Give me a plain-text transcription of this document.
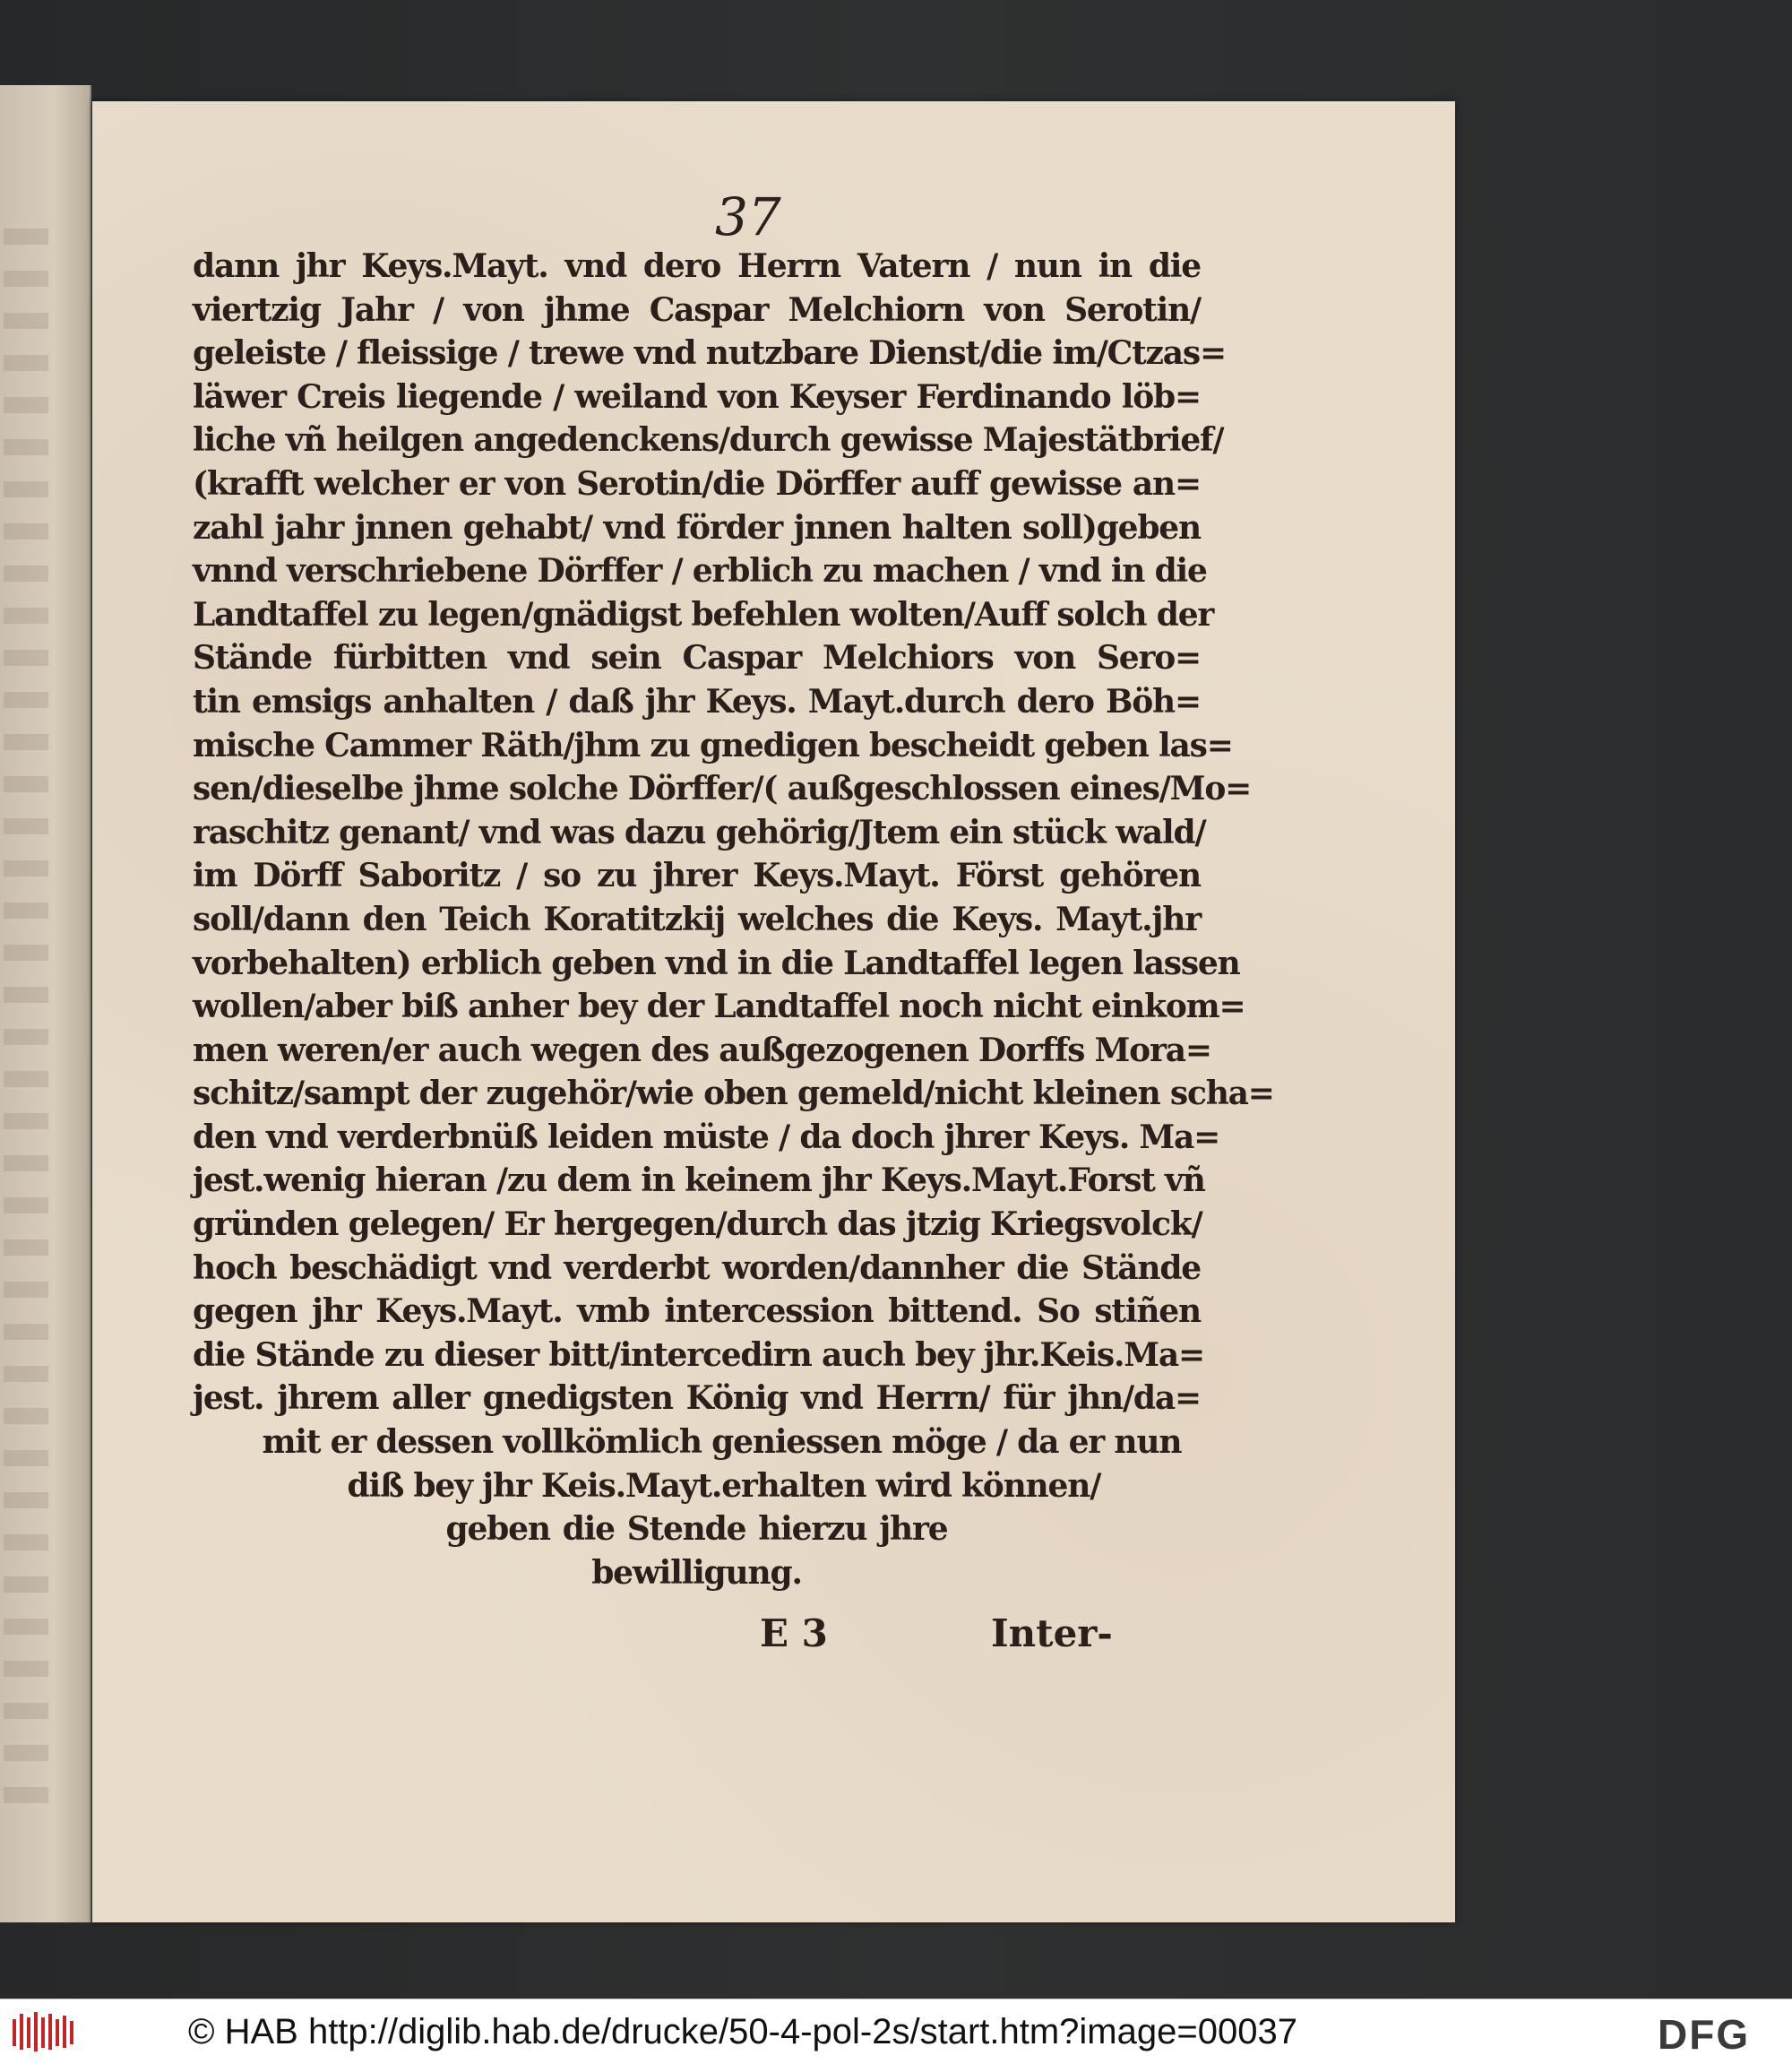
37
dann jhr Keys.Mayt. vnd dero Herrn Vatern / nun in die
viertzig Jahr / von jhme Caspar Melchiorn von Serotin/
geleiste / fleissige / trewe vnd nutzbare Dienst/die im/Ctzas=
läwer Creis liegende / weiland von Keyser Ferdinando löb=
liche vñ heilgen angedenckens/durch gewisse Majestätbrief/
(krafft welcher er von Serotin/die Dörffer auff gewisse an=
zahl jahr jnnen gehabt/ vnd förder jnnen halten soll)geben
vnnd verschriebene Dörffer / erblich zu machen / vnd in die
Landtaffel zu legen/gnädigst befehlen wolten/Auff solch der
Stände fürbitten vnd sein Caspar Melchiors von Sero=
tin emsigs anhalten / daß jhr Keys. Mayt.durch dero Böh=
mische Cammer Räth/jhm zu gnedigen bescheidt geben las=
sen/dieselbe jhme solche Dörffer/( außgeschlossen eines/Mo=
raschitz genant/ vnd was dazu gehörig/Jtem ein stück wald/
im Dörff Saboritz / so zu jhrer Keys.Mayt. Först gehören
soll/dann den Teich Koratitzkij welches die Keys. Mayt.jhr
vorbehalten) erblich geben vnd in die Landtaffel legen lassen
wollen/aber biß anher bey der Landtaffel noch nicht einkom=
men weren/er auch wegen des außgezogenen Dorffs Mora=
schitz/sampt der zugehör/wie oben gemeld/nicht kleinen scha=
den vnd verderbnüß leiden müste / da doch jhrer Keys. Ma=
jest.wenig hieran /zu dem in keinem jhr Keys.Mayt.Forst vñ
gründen gelegen/ Er hergegen/durch das jtzig Kriegsvolck/
hoch beschädigt vnd verderbt worden/dannher die Stände
gegen jhr Keys.Mayt. vmb intercession bittend. So stiñen
die Stände zu dieser bitt/intercedirn auch bey jhr.Keis.Ma=
jest. jhrem aller gnedigsten König vnd Herrn/ für jhn/da=
mit er dessen vollkömlich geniessen möge / da er nun
diß bey jhr Keis.Mayt.erhalten wird können/
geben die Stende hierzu jhre
bewilligung.
E 3	Inter-
© HAB http://diglib.hab.de/drucke/50-4-pol-2s/start.htm?image=00037	DFG
